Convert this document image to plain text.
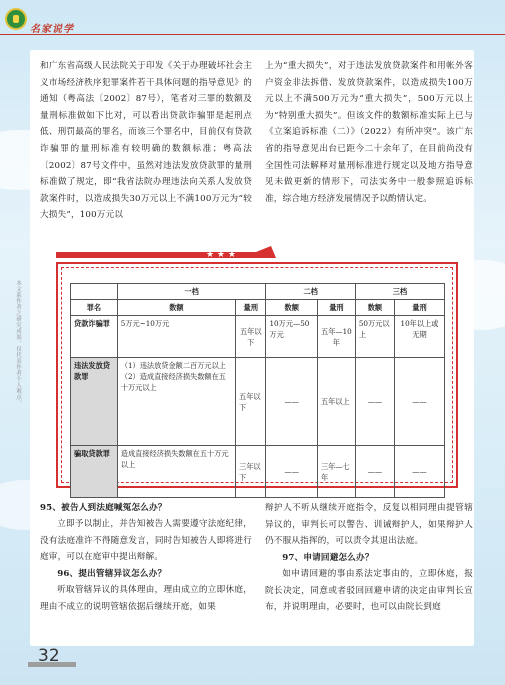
名家说学
本文系作者之研究成果。仅代表作者个人观点。

和广东省高级人民法院关于印发《关于办理破坏社会主义市场经济秩序犯罪案件若干具体问题的指导意见》的通知（粤高法〔2002〕87号），笔者对三罪的数额及量刑标准做如下比对，可以看出贷款诈骗罪是起刑点低、刑罚最高的罪名，而该三个罪名中，目前仅有贷款诈骗罪的量刑标准有较明确的数额标准；粤高法〔2002〕87号文件中，虽然对违法发放贷款罪的量刑标准做了规定，即“我省法院办理违法向关系人发放贷款案件时，以造成损失30万元以上不满100万元为“较大损失”，100万元以

上为“重大损失”，对于违法发放贷款案件和用帐外客户资金非法拆借、发放贷款案件，以造成损失100万元以上不满500万元为“重大损失”，500万元以上为“特别重大损失”。但该文件的数额标准实际上已与《立案追诉标准（二）》（2022）有所冲突”。该广东省的指导意见出台已距今二十余年了，在目前尚没有全国性司法解释对量刑标准进行规定以及地方指导意见未做更新的情形下，司法实务中一般参照追诉标准，综合地方经济发展情况予以酌情认定。

★ ★ ★
	一档		二档		三档	
罪名	数额	量刑	数额	量刑	数额	量刑
贷款诈骗罪	5万元~10万元	五年以下	10万元—50万元	五年—10年	50万元以上	10年以上或无期
违法发放贷款罪	（1）违法放贷金额二百万元以上
（2）造成直接经济损失数额在五十万元以上	五年以下	——	五年以上	——	——
骗取贷款罪	造成直接经济损失数额在五十万元以上	三年以下	——	三年—七年	——	——

95、被告人到法庭喊冤怎么办？

立即予以制止，并告知被告人需要遵守法庭纪律，没有法庭准许不得随意发言，同时告知被告人即将进行庭审，可以在庭审中提出辩解。

96、提出管辖异议怎么办？

听取管辖异议的具体理由，理由成立的立即休庭，理由不成立的说明管辖依据后继续开庭，如果

辩护人不听从继续开庭指令，反复以相同理由提管辖异议的，审判长可以警告、训诫辩护人，如果辩护人仍不服从指挥的，可以责令其退出法庭。

97、申请回避怎么办？

如申请回避的事由系法定事由的，立即休庭，报院长决定，同意或者驳回回避申请的决定由审判长宣布，并说明理由，必要时，也可以由院长到庭

32
